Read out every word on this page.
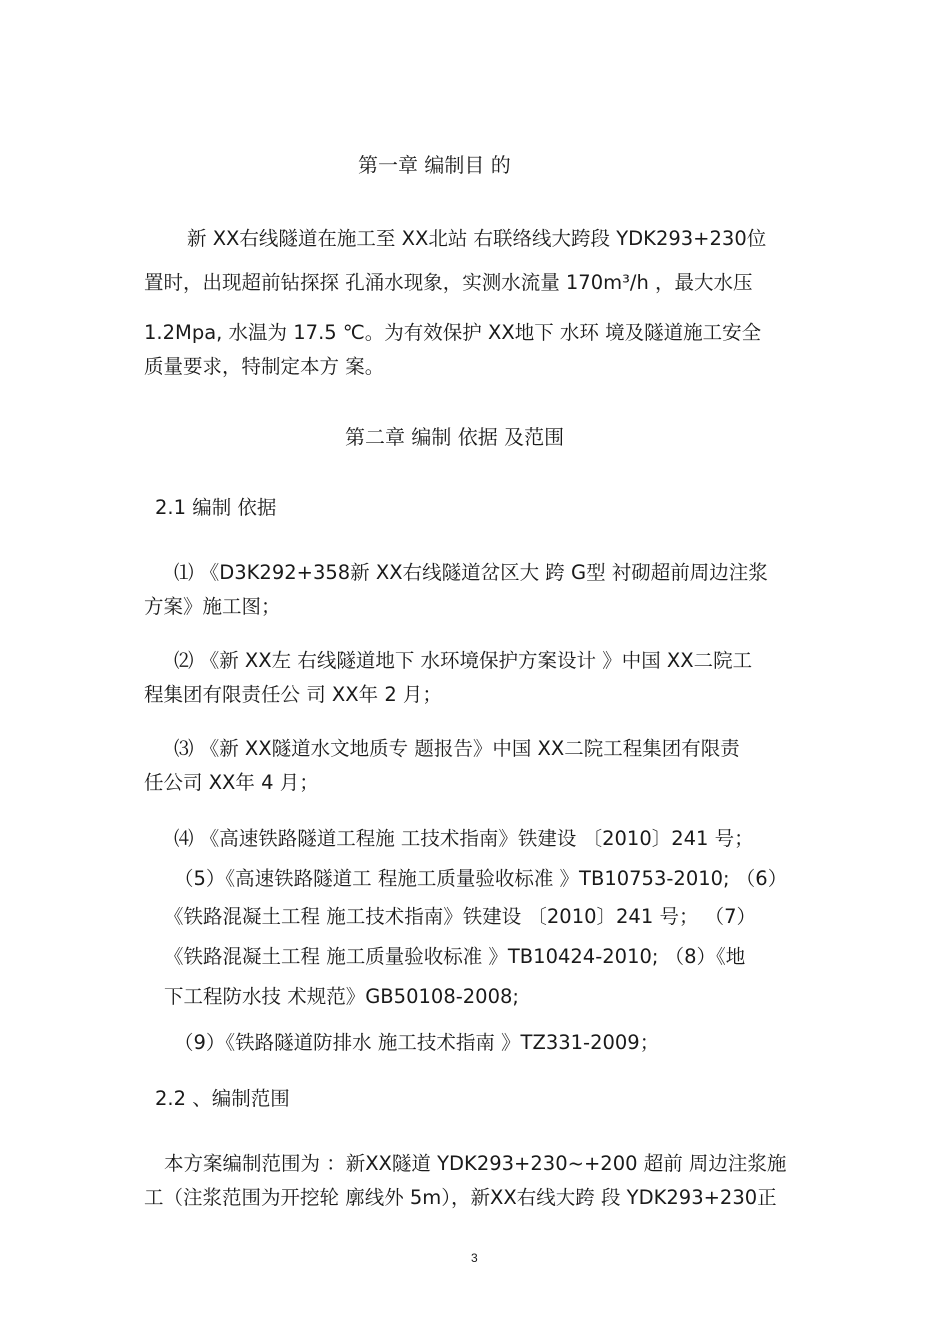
第一章 编制目 的
新 XX右线隧道在施工至 XX北站 右联络线大跨段 YDK293+230位
置时，出现超前钻探探 孔涌水现象，实测水流量 170m³/h ，最大水压
1.2Mpa, 水温为 17.5 ℃。为有效保护 XX地下 水环 境及隧道施工安全
质量要求，特制定本方 案。
第二章 编制 依据 及范围
2.1 编制 依据
⑴ 《D3K292+358新 XX右线隧道岔区大 跨 G型 衬砌超前周边注浆
方案》施工图；
⑵ 《新 XX左 右线隧道地下 水环境保护方案设计 》中国 XX二院工
程集团有限责任公 司 XX年 2 月；
⑶ 《新 XX隧道水文地质专 题报告》中国 XX二院工程集团有限责
任公司 XX年 4 月；
⑷ 《高速铁路隧道工程施 工技术指南》铁建设 〔2010〕241 号；
（5）《高速铁路隧道工 程施工质量验收标准 》TB10753-2010; （6）
《铁路混凝土工程 施工技术指南》铁建设 〔2010〕241 号； （7）
《铁路混凝土工程 施工质量验收标准 》TB10424-2010; （8）《地
下工程防水技 术规范》GB50108-2008;
（9）《铁路隧道防排水 施工技术指南 》TZ331-2009；
2.2 、编制范围
本方案编制范围为 ：新XX隧道 YDK293+230~+200 超前 周边注浆施
工（注浆范围为开挖轮 廓线外 5m），新XX右线大跨 段 YDK293+230正
3
